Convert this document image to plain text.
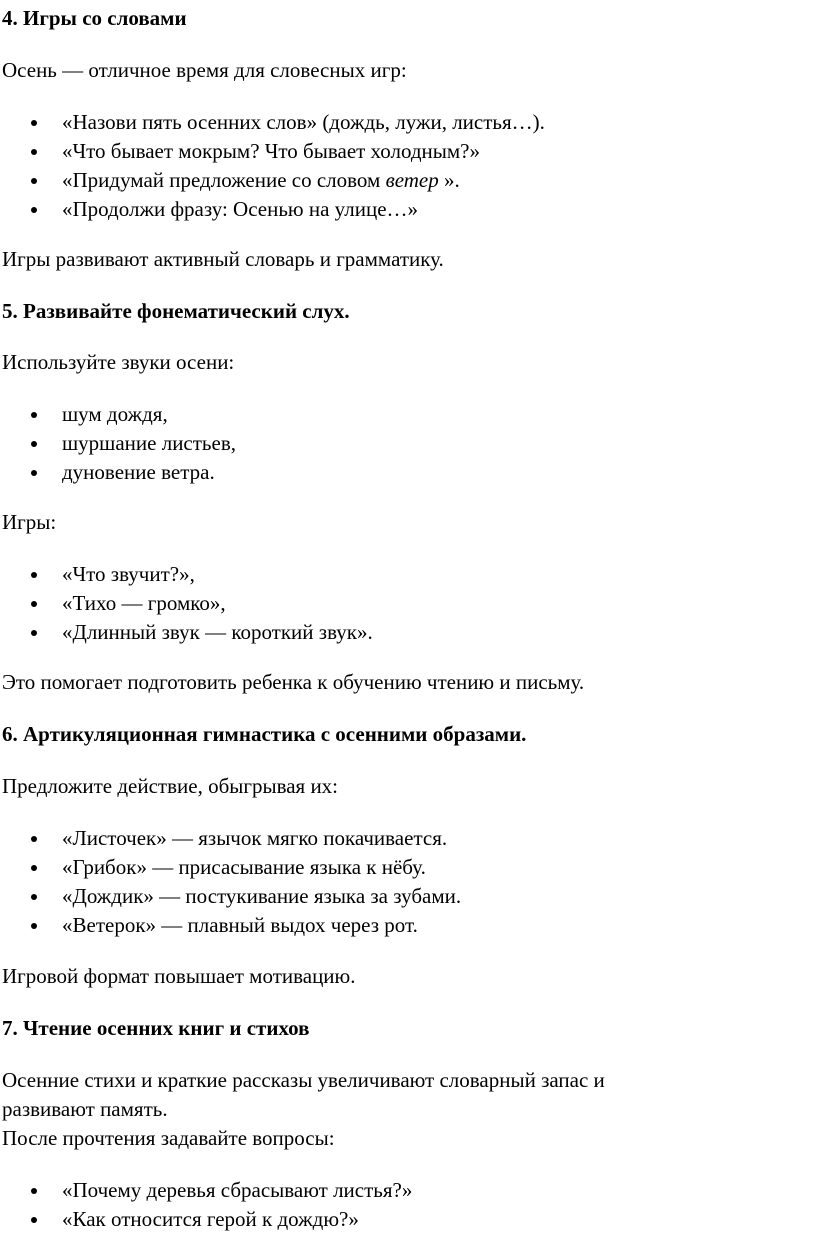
4. Игры со словами
Осень — отличное время для словесных игр:
«Назови пять осенних слов» (дождь, лужи, листья…).
«Что бывает мокрым? Что бывает холодным?»
«Придумай предложение со словом ветер ».
«Продолжи фразу: Осенью на улице…»
Игры развивают активный словарь и грамматику.
5. Развивайте фонематический слух.
Используйте звуки осени:
шум дождя,
шуршание листьев,
дуновение ветра.
Игры:
«Что звучит?»,
«Тихо — громко»,
«Длинный звук — короткий звук».
Это помогает подготовить ребенка к обучению чтению и письму.
6. Артикуляционная гимнастика с осенними образами.
Предложите действие, обыгрывая их:
«Листочек» — язычок мягко покачивается.
«Грибок» — присасывание языка к нёбу.
«Дождик» — постукивание языка за зубами.
«Ветерок» — плавный выдох через рот.
Игровой формат повышает мотивацию.
7. Чтение осенних книг и стихов
Осенние стихи и краткие рассказы увеличивают словарный запас и
развивают память.
После прочтения задавайте вопросы:
«Почему деревья сбрасывают листья?»
«Как относится герой к дождю?»
